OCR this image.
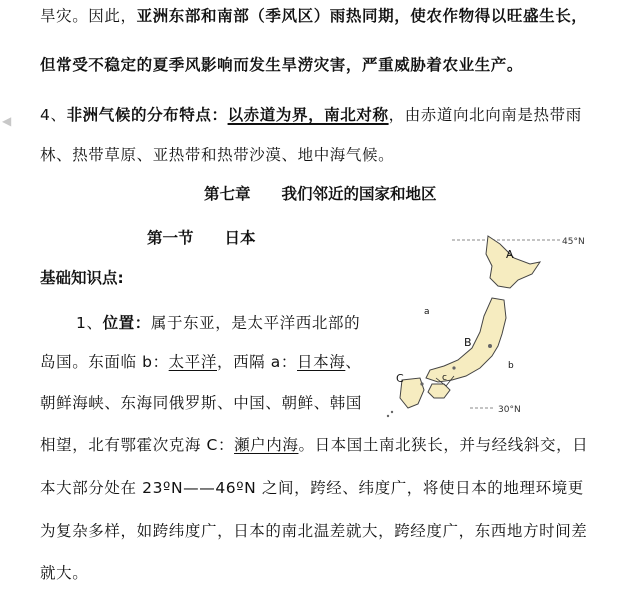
◀
旱灾。因此，亚洲东部和南部（季风区）雨热同期，使农作物得以旺盛生长，
但常受不稳定的夏季风影响而发生旱涝灾害，严重威胁着农业生产。
4、非洲气候的分布特点：以赤道为界，南北对称，由赤道向北向南是热带雨
林、热带草原、亚热带和热带沙漠、地中海气候。
第七章　　我们邻近的国家和地区
第一节　　日本
基础知识点:
1、位置：属于东亚，是太平洋西北部的
岛国。东面临 b：太平洋，西隔 a：日本海、
朝鲜海峡、东海同俄罗斯、中国、朝鲜、韩国
相望，北有鄂霍次克海 C：瀬户内海。日本国土南北狭长，并与经线斜交，日
本大部分处在 23ºN——46ºN 之间，跨经、纬度广，将使日本的地理环境更
为复杂多样，如跨纬度广，日本的南北温差就大，跨经度广，东西地方时间差
就大。
45°N
30°N
A
B
C
a
b
c
